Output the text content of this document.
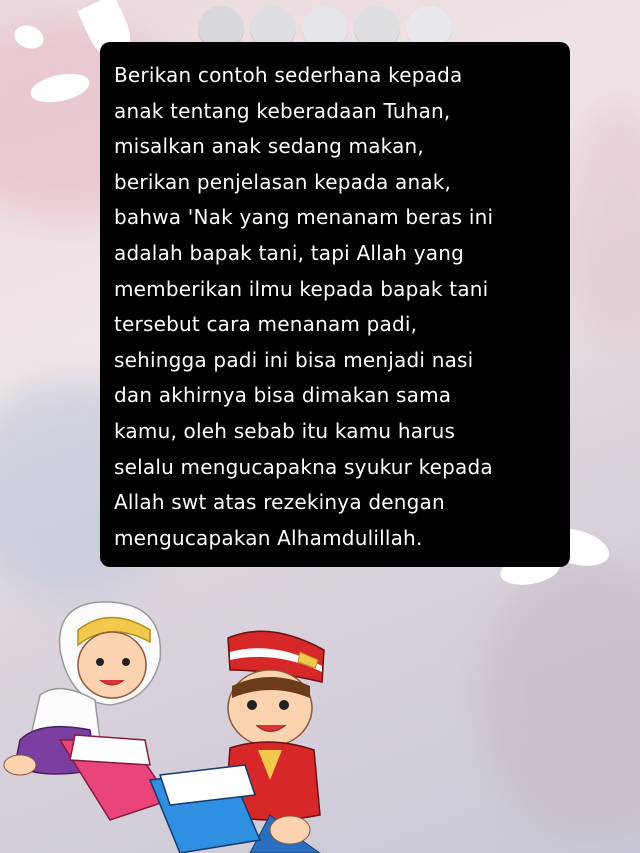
Berikan contoh sederhana kepada
anak tentang keberadaan Tuhan,
misalkan anak sedang makan,
berikan penjelasan kepada anak,
bahwa 'Nak yang menanam beras ini
adalah bapak tani, tapi Allah yang
memberikan ilmu kepada bapak tani
tersebut cara menanam padi,
sehingga padi ini bisa menjadi nasi
dan akhirnya bisa dimakan sama
kamu, oleh sebab itu kamu harus
selalu mengucapakna syukur kepada
Allah swt atas rezekinya dengan
mengucapakan Alhamdulillah.
